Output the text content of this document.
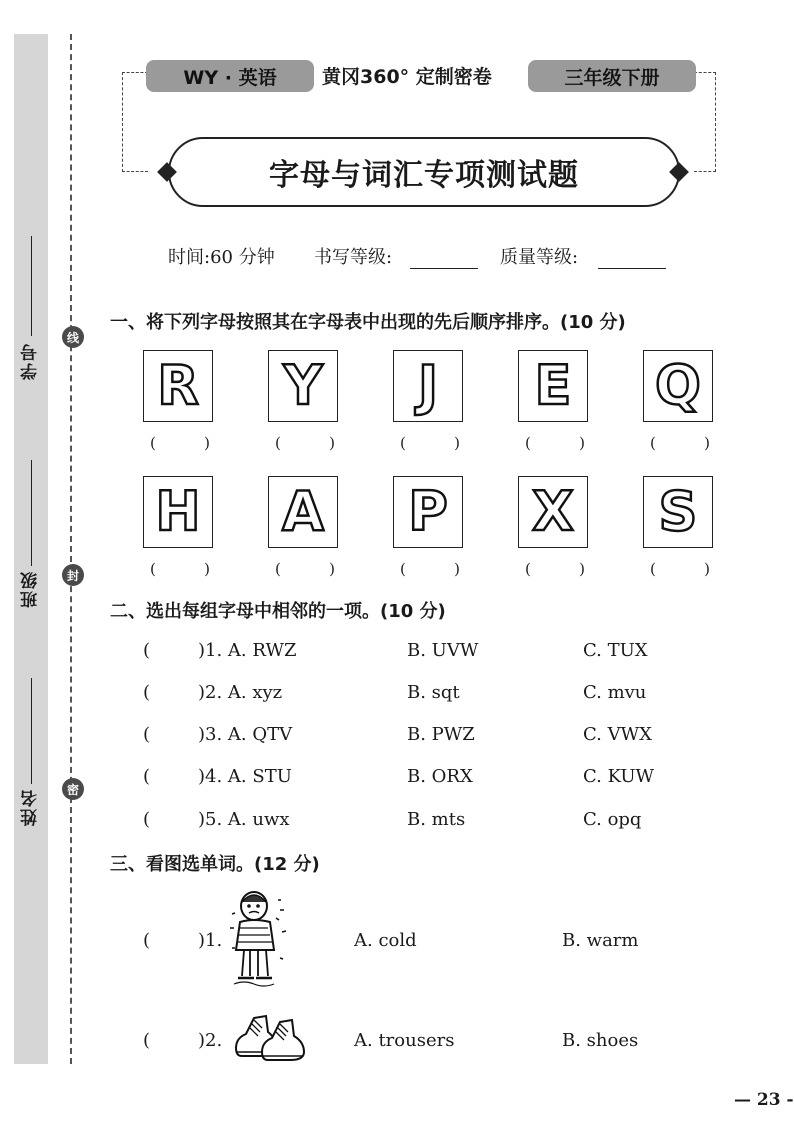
线
封
密
学号
班级
姓名
WY · 英语	黄冈360° 定制密卷	三年级下册
字母与词汇专项测试题
时间:60 分钟 书写等级:	质量等级:
一、将下列字母按照其在字母表中出现的先后顺序排序。(10 分)
R Y J E Q
(	)	(	)	(	)	(	)	(	)
H A P X S
(	)	(	)	(	)	(	)	(	)
二、选出每组字母中相邻的一项。(10 分)
(	)1. A. RWZ	B. UVW	C. TUX
(	)2. A. xyz	B. sqt	C. mvu
(	)3. A. QTV	B. PWZ	C. VWX
(	)4. A. STU	B. ORX	C. KUW
(	)5. A. uwx	B. mts	C. opq
三、看图选单词。(12 分)
(	)1.	A. cold	B. warm
(	)2.	A. trousers	B. shoes
— 23 -
